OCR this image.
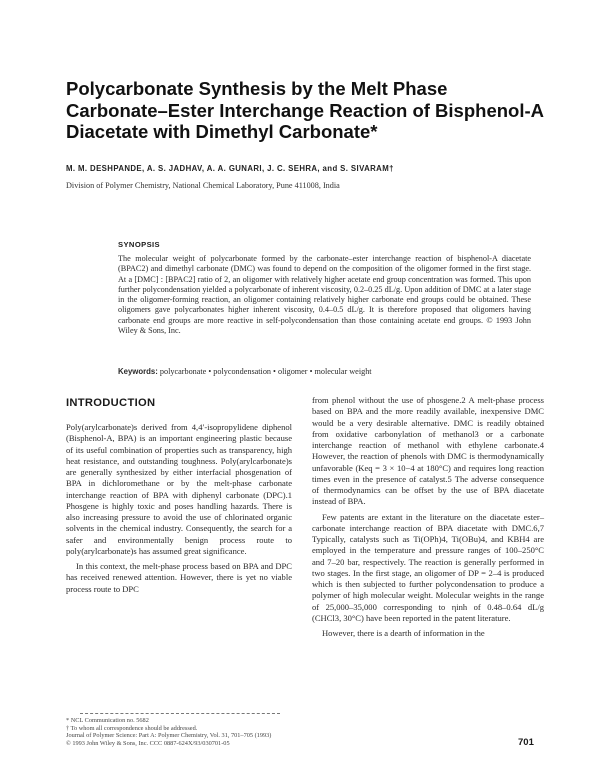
Polycarbonate Synthesis by the Melt Phase Carbonate–Ester Interchange Reaction of Bisphenol-A Diacetate with Dimethyl Carbonate*
M. M. DESHPANDE, A. S. JADHAV, A. A. GUNARI, J. C. SEHRA, and S. SIVARAM†
Division of Polymer Chemistry, National Chemical Laboratory, Pune 411008, India
SYNOPSIS
The molecular weight of polycarbonate formed by the carbonate–ester interchange reaction of bisphenol-A diacetate (BPAC2) and dimethyl carbonate (DMC) was found to depend on the composition of the oligomer formed in the first stage. At a [DMC] : [BPAC2] ratio of 2, an oligomer with relatively higher acetate end group concentration was formed. This upon further polycondensation yielded a polycarbonate of inherent viscosity, 0.2–0.25 dL/g. Upon addition of DMC at a later stage in the oligomer-forming reaction, an oligomer containing relatively higher carbonate end groups could be obtained. These oligomers gave polycarbonates higher inherent viscosity, 0.4–0.5 dL/g. It is therefore proposed that oligomers having carbonate end groups are more reactive in self-polycondensation than those containing acetate end groups. © 1993 John Wiley & Sons, Inc.
Keywords: polycarbonate • polycondensation • oligomer • molecular weight
INTRODUCTION

Poly(arylcarbonate)s derived from 4,4′-isopropylidene diphenol (Bisphenol-A, BPA) is an important engineering plastic because of its useful combination of properties such as transparency, high heat resistance, and outstanding toughness. Poly(arylcarbonate)s are generally synthesized by either interfacial phosgenation of BPA in dichloromethane or by the melt-phase carbonate interchange reaction of BPA with diphenyl carbonate (DPC).1 Phosgene is highly toxic and poses handling hazards. There is also increasing pressure to avoid the use of chlorinated organic solvents in the chemical industry. Consequently, the search for a safer and environmentally benign process route to poly(arylcarbonate)s has assumed great significance.

In this context, the melt-phase process based on BPA and DPC has received renewed attention. However, there is yet no viable process route to DPC

from phenol without the use of phosgene.2 A melt-phase process based on BPA and the more readily available, inexpensive DMC would be a very desirable alternative. DMC is readily obtained from oxidative carbonylation of methanol3 or a carbonate interchange reaction of methanol with ethylene carbonate.4 However, the reaction of phenols with DMC is thermodynamically unfavorable (Keq = 3 × 10−4 at 180°C) and requires long reaction times even in the presence of catalyst.5 The adverse consequence of thermodynamics can be offset by the use of BPA diacetate instead of BPA.

Few patents are extant in the literature on the diacetate ester–carbonate interchange reaction of BPA diacetate with DMC.6,7 Typically, catalysts such as Ti(OPh)4, Ti(OBu)4, and KBH4 are employed in the temperature and pressure ranges of 100–250°C and 7–20 bar, respectively. The reaction is generally performed in two stages. In the first stage, an oligomer of DP = 2–4 is produced which is then subjected to further polycondensation to produce a polymer of high molecular weight. Molecular weights in the range of 25,000–35,000 corresponding to ηinh of 0.48–0.64 dL/g (CHCl3, 30°C) have been reported in the patent literature.

However, there is a dearth of information in the

* NCL Communication no. 5682
† To whom all correspondence should be addressed.
Journal of Polymer Science: Part A: Polymer Chemistry, Vol. 31, 701–705 (1993)
© 1993 John Wiley & Sons, Inc. CCC 0887-624X/93/030701-05	701
